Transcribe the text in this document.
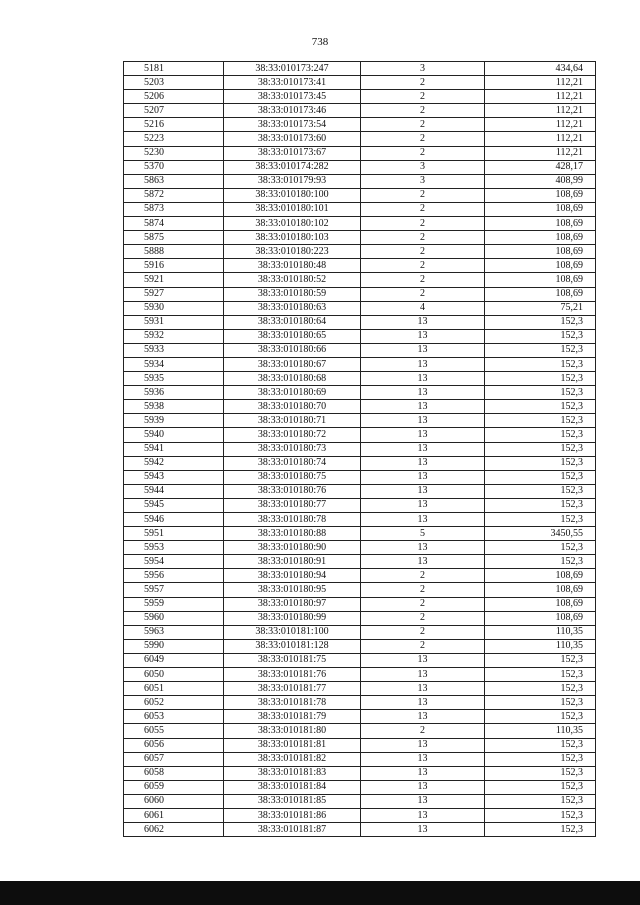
738
5181	38:33:010173:247	3	434,64
5203	38:33:010173:41	2	112,21
5206	38:33:010173:45	2	112,21
5207	38:33:010173:46	2	112,21
5216	38:33:010173:54	2	112,21
5223	38:33:010173:60	2	112,21
5230	38:33:010173:67	2	112,21
5370	38:33:010174:282	3	428,17
5863	38:33:010179:93	3	408,99
5872	38:33:010180:100	2	108,69
5873	38:33:010180:101	2	108,69
5874	38:33:010180:102	2	108,69
5875	38:33:010180:103	2	108,69
5888	38:33:010180:223	2	108,69
5916	38:33:010180:48	2	108,69
5921	38:33:010180:52	2	108,69
5927	38:33:010180:59	2	108,69
5930	38:33:010180:63	4	75,21
5931	38:33:010180:64	13	152,3
5932	38:33:010180:65	13	152,3
5933	38:33:010180:66	13	152,3
5934	38:33:010180:67	13	152,3
5935	38:33:010180:68	13	152,3
5936	38:33:010180:69	13	152,3
5938	38:33:010180:70	13	152,3
5939	38:33:010180:71	13	152,3
5940	38:33:010180:72	13	152,3
5941	38:33:010180:73	13	152,3
5942	38:33:010180:74	13	152,3
5943	38:33:010180:75	13	152,3
5944	38:33:010180:76	13	152,3
5945	38:33:010180:77	13	152,3
5946	38:33:010180:78	13	152,3
5951	38:33:010180:88	5	3450,55
5953	38:33:010180:90	13	152,3
5954	38:33:010180:91	13	152,3
5956	38:33:010180:94	2	108,69
5957	38:33:010180:95	2	108,69
5959	38:33:010180:97	2	108,69
5960	38:33:010180:99	2	108,69
5963	38:33:010181:100	2	110,35
5990	38:33:010181:128	2	110,35
6049	38:33:010181:75	13	152,3
6050	38:33:010181:76	13	152,3
6051	38:33:010181:77	13	152,3
6052	38:33:010181:78	13	152,3
6053	38:33:010181:79	13	152,3
6055	38:33:010181:80	2	110,35
6056	38:33:010181:81	13	152,3
6057	38:33:010181:82	13	152,3
6058	38:33:010181:83	13	152,3
6059	38:33:010181:84	13	152,3
6060	38:33:010181:85	13	152,3
6061	38:33:010181:86	13	152,3
6062	38:33:010181:87	13	152,3
